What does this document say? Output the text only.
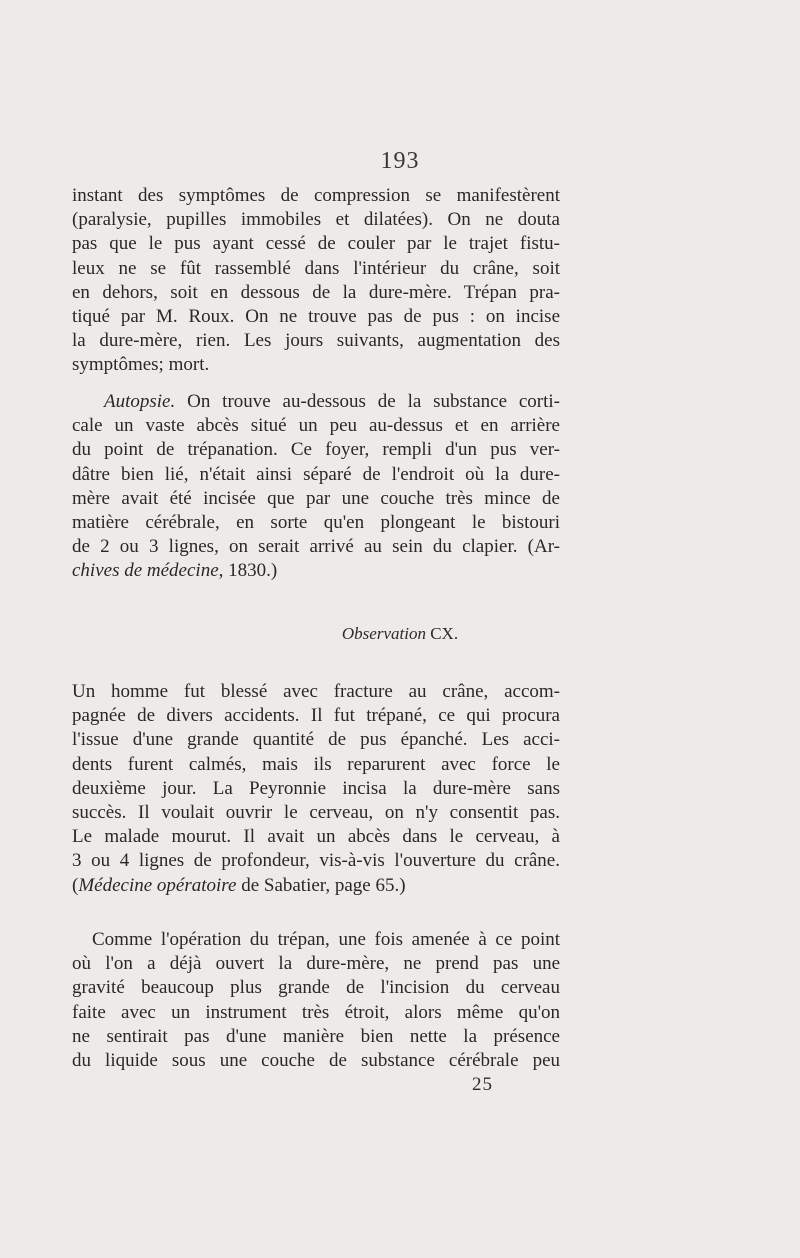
193
instant des symptômes de compression se manifestèrent
(paralysie, pupilles immobiles et dilatées). On ne douta
pas que le pus ayant cessé de couler par le trajet fistu-
leux ne se fût rassemblé dans l'intérieur du crâne, soit
en dehors, soit en dessous de la dure-mère. Trépan pra-
tiqué par M. Roux. On ne trouve pas de pus : on incise
la dure-mère, rien. Les jours suivants, augmentation des
symptômes; mort.
Autopsie. On trouve au-dessous de la substance corti-
cale un vaste abcès situé un peu au-dessus et en arrière
du point de trépanation. Ce foyer, rempli d'un pus ver-
dâtre bien lié, n'était ainsi séparé de l'endroit où la dure-
mère avait été incisée que par une couche très mince de
matière cérébrale, en sorte qu'en plongeant le bistouri
de 2 ou 3 lignes, on serait arrivé au sein du clapier. (Ar-
chives de médecine, 1830.)
Observation CX.
Un homme fut blessé avec fracture au crâne, accom-
pagnée de divers accidents. Il fut trépané, ce qui procura
l'issue d'une grande quantité de pus épanché. Les acci-
dents furent calmés, mais ils reparurent avec force le
deuxième jour. La Peyronnie incisa la dure-mère sans
succès. Il voulait ouvrir le cerveau, on n'y consentit pas.
Le malade mourut. Il avait un abcès dans le cerveau, à
3 ou 4 lignes de profondeur, vis-à-vis l'ouverture du crâne.
(Médecine opératoire de Sabatier, page 65.)
Comme l'opération du trépan, une fois amenée à ce point
où l'on a déjà ouvert la dure-mère, ne prend pas une
gravité beaucoup plus grande de l'incision du cerveau
faite avec un instrument très étroit, alors même qu'on
ne sentirait pas d'une manière bien nette la présence
du liquide sous une couche de substance cérébrale peu
25
